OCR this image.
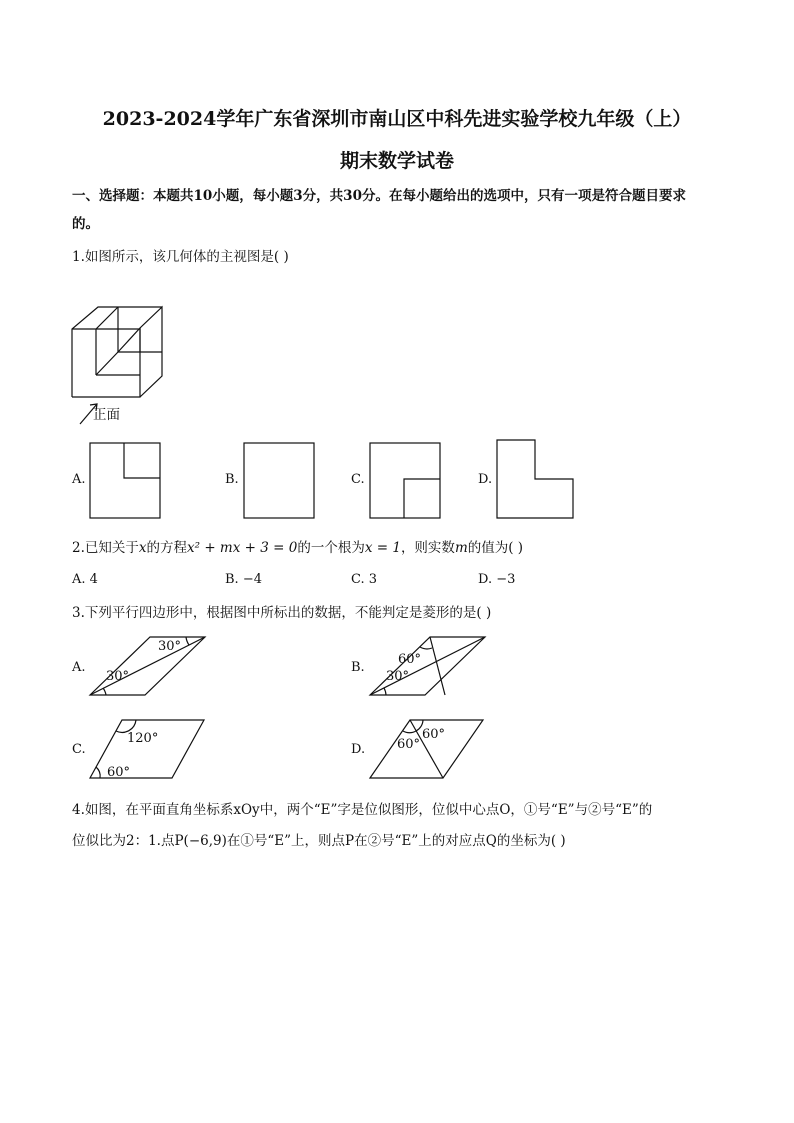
2023-2024学年广东省深圳市南山区中科先进实验学校九年级（上）
期末数学试卷
一、选择题：本题共10小题，每小题3分，共30分。在每小题给出的选项中，只有一项是符合题目要求
的。
1.如图所示，该几何体的主视图是( )
正面
A.	B.	C.	D.
2.已知关于x的方程x² + mx + 3 = 0的一个根为x = 1，则实数m的值为( )
A. 4	B. −4	C. 3	D. −3
3.下列平行四边形中，根据图中所标出的数据，不能判定是菱形的是( )
A.	B.
C.	D.
30°
30°
60°
30°
120°
60°
60°
60°
4.如图，在平面直角坐标系xOy中，两个“E”字是位似图形，位似中心点O，①号“E”与②号“E”的
位似比为2：1.点P(−6,9)在①号“E”上，则点P在②号“E”上的对应点Q的坐标为( )
